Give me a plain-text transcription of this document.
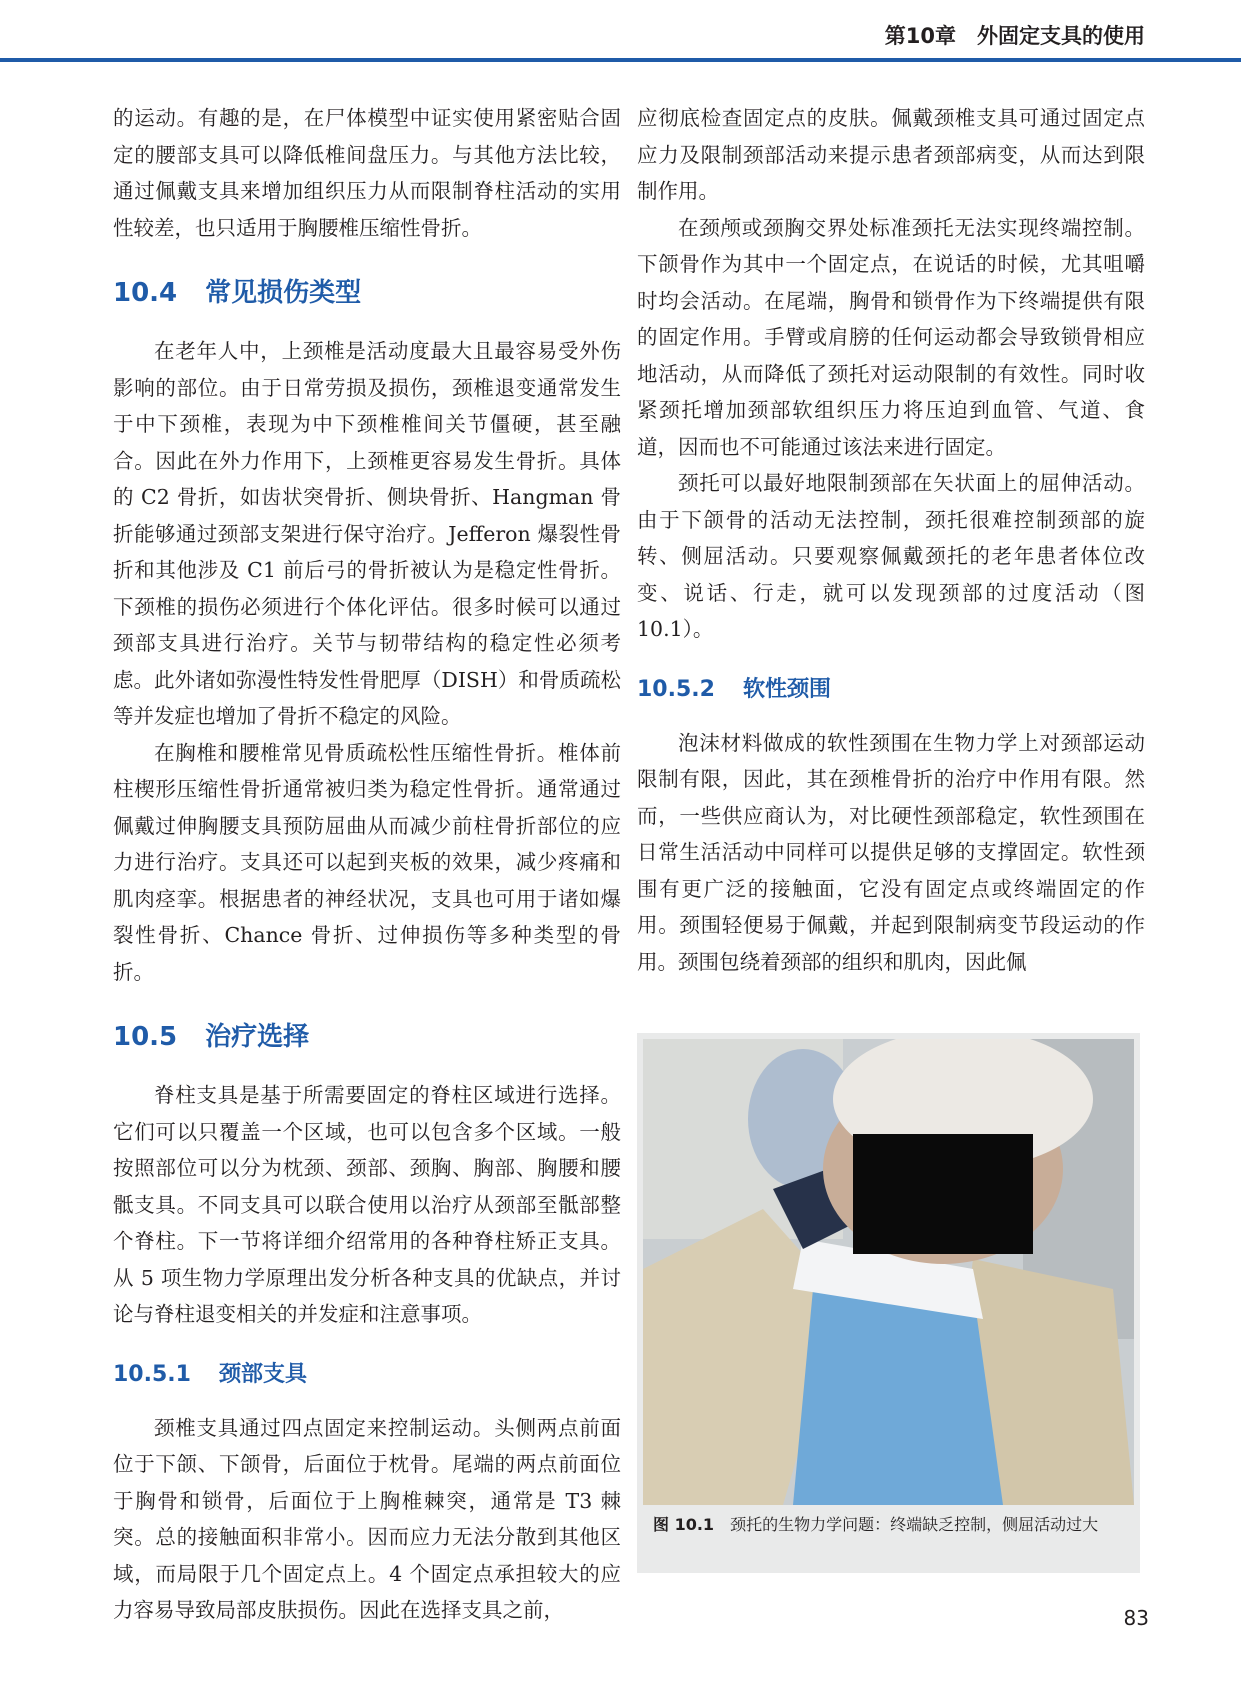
第10章　外固定支具的使用

的运动。有趣的是，在尸体模型中证实使用紧密贴合固定的腰部支具可以降低椎间盘压力。与其他方法比较，通过佩戴支具来增加组织压力从而限制脊柱活动的实用性较差，也只适用于胸腰椎压缩性骨折。

10.4 常见损伤类型

在老年人中，上颈椎是活动度最大且最容易受外伤影响的部位。由于日常劳损及损伤，颈椎退变通常发生于中下颈椎，表现为中下颈椎椎间关节僵硬，甚至融合。因此在外力作用下，上颈椎更容易发生骨折。具体的 C2 骨折，如齿状突骨折、侧块骨折、Hangman 骨折能够通过颈部支架进行保守治疗。Jefferon 爆裂性骨折和其他涉及 C1 前后弓的骨折被认为是稳定性骨折。下颈椎的损伤必须进行个体化评估。很多时候可以通过颈部支具进行治疗。关节与韧带结构的稳定性必须考虑。此外诸如弥漫性特发性骨肥厚（DISH）和骨质疏松等并发症也增加了骨折不稳定的风险。

在胸椎和腰椎常见骨质疏松性压缩性骨折。椎体前柱楔形压缩性骨折通常被归类为稳定性骨折。通常通过佩戴过伸胸腰支具预防屈曲从而减少前柱骨折部位的应力进行治疗。支具还可以起到夹板的效果，减少疼痛和肌肉痉挛。根据患者的神经状况，支具也可用于诸如爆裂性骨折、Chance 骨折、过伸损伤等多种类型的骨折。

10.5 治疗选择

脊柱支具是基于所需要固定的脊柱区域进行选择。它们可以只覆盖一个区域，也可以包含多个区域。一般按照部位可以分为枕颈、颈部、颈胸、胸部、胸腰和腰骶支具。不同支具可以联合使用以治疗从颈部至骶部整个脊柱。下一节将详细介绍常用的各种脊柱矫正支具。从 5 项生物力学原理出发分析各种支具的优缺点，并讨论与脊柱退变相关的并发症和注意事项。

10.5.1 颈部支具

颈椎支具通过四点固定来控制运动。头侧两点前面位于下颌、下颌骨，后面位于枕骨。尾端的两点前面位于胸骨和锁骨，后面位于上胸椎棘突，通常是 T3 棘突。总的接触面积非常小。因而应力无法分散到其他区域，而局限于几个固定点上。4 个固定点承担较大的应力容易导致局部皮肤损伤。因此在选择支具之前，

应彻底检查固定点的皮肤。佩戴颈椎支具可通过固定点应力及限制颈部活动来提示患者颈部病变，从而达到限制作用。

在颈颅或颈胸交界处标准颈托无法实现终端控制。下颌骨作为其中一个固定点，在说话的时候，尤其咀嚼时均会活动。在尾端，胸骨和锁骨作为下终端提供有限的固定作用。手臂或肩膀的任何运动都会导致锁骨相应地活动，从而降低了颈托对运动限制的有效性。同时收紧颈托增加颈部软组织压力将压迫到血管、气道、食道，因而也不可能通过该法来进行固定。

颈托可以最好地限制颈部在矢状面上的屈伸活动。由于下颌骨的活动无法控制，颈托很难控制颈部的旋转、侧屈活动。只要观察佩戴颈托的老年患者体位改变、说话、行走，就可以发现颈部的过度活动（图 10.1）。

10.5.2 软性颈围

泡沫材料做成的软性颈围在生物力学上对颈部运动限制有限，因此，其在颈椎骨折的治疗中作用有限。然而，一些供应商认为，对比硬性颈部稳定，软性颈围在日常生活活动中同样可以提供足够的支撑固定。软性颈围有更广泛的接触面，它没有固定点或终端固定的作用。颈围轻便易于佩戴，并起到限制病变节段运动的作用。颈围包绕着颈部的组织和肌肉，因此佩

图 10.1 颈托的生物力学问题：终端缺乏控制，侧屈活动过大
83
